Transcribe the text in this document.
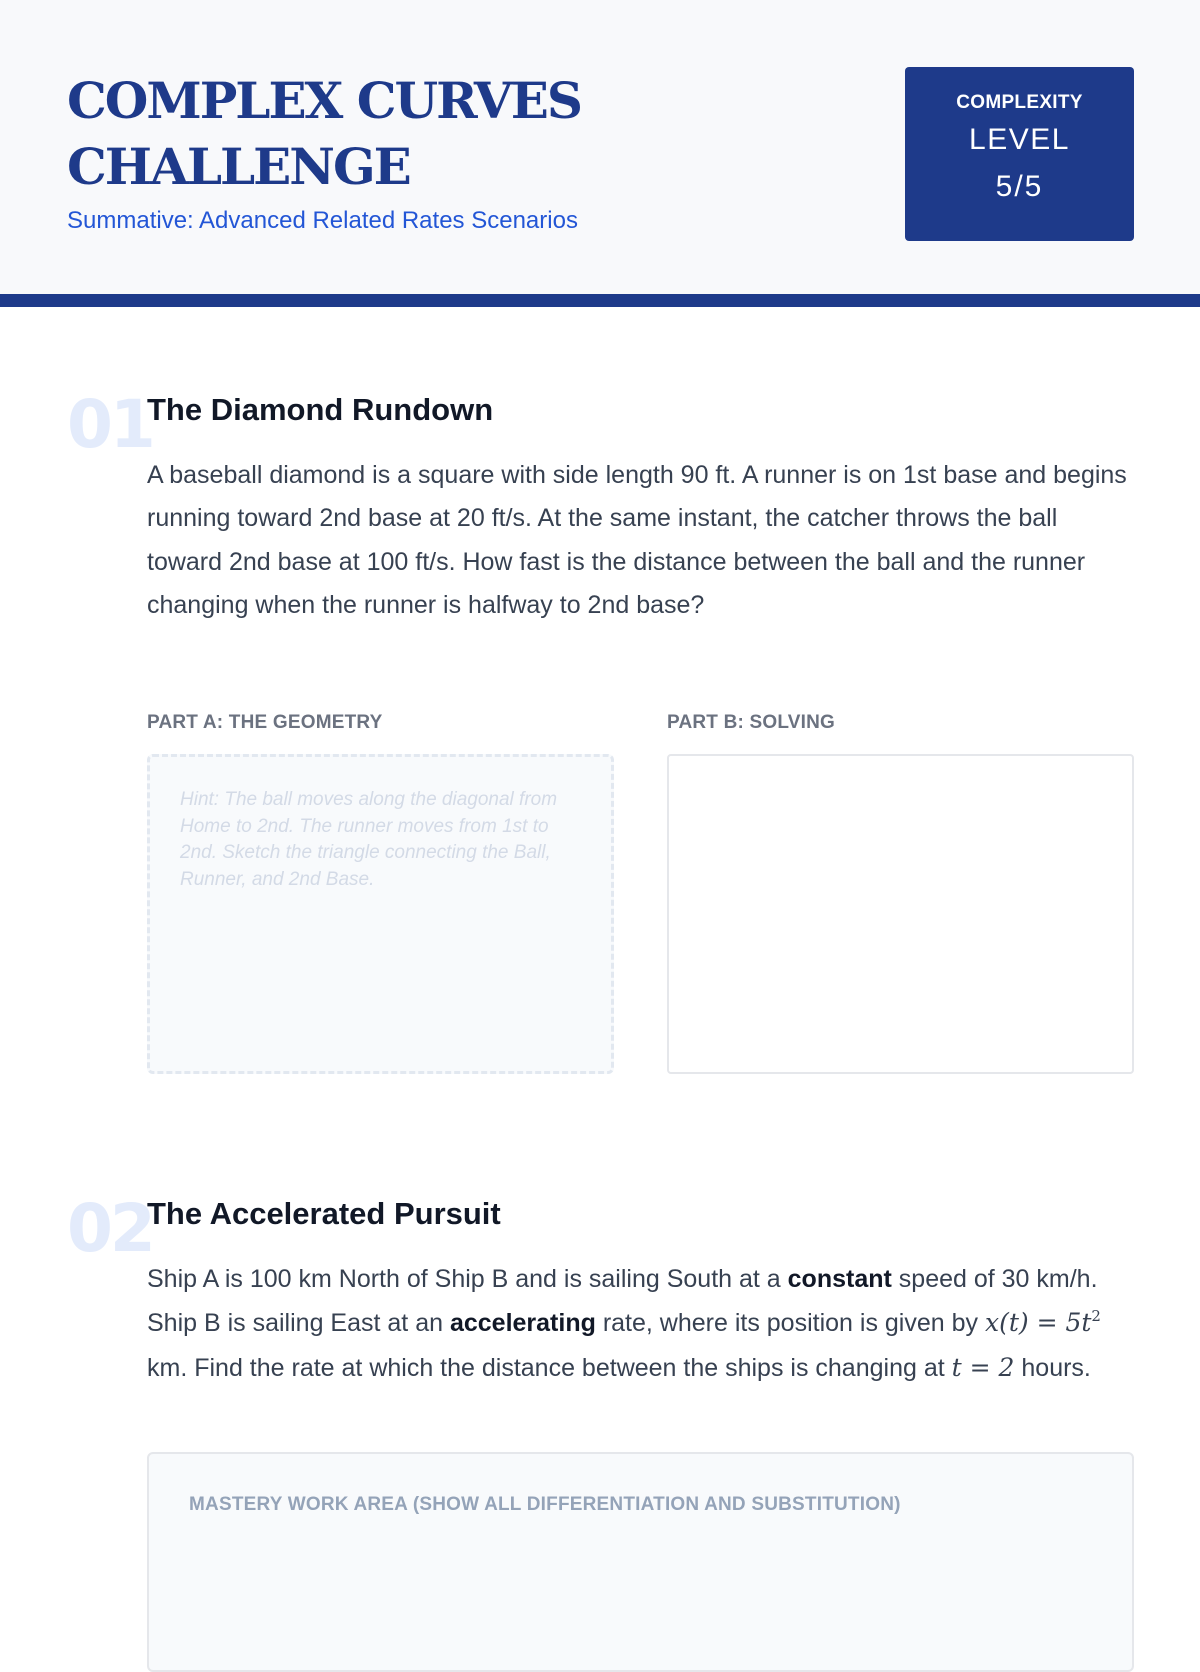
COMPLEX CURVES
CHALLENGE
Summative: Advanced Related Rates Scenarios
COMPLEXITY
LEVEL
5/5
01
The Diamond Rundown

A baseball diamond is a square with side length 90 ft. A runner is on 1st base and begins running toward 2nd base at 20 ft/s. At the same instant, the catcher throws the ball toward 2nd base at 100 ft/s. How fast is the distance between the ball and the runner changing when the runner is halfway to 2nd base?

PART A: THE GEOMETRY	PART B: SOLVING
Hint: The ball moves along the diagonal from Home to 2nd. The runner moves from 1st to 2nd. Sketch the triangle connecting the Ball, Runner, and 2nd Base.
02
The Accelerated Pursuit

Ship A is 100 km North of Ship B and is sailing South at a constant speed of 30 km/h. Ship B is sailing East at an accelerating rate, where its position is given by $x(t) = 5t^2$ km. Find the rate at which the distance between the ships is changing at t = 2 hours.

MASTERY WORK AREA (SHOW ALL DIFFERENTIATION AND SUBSTITUTION)
